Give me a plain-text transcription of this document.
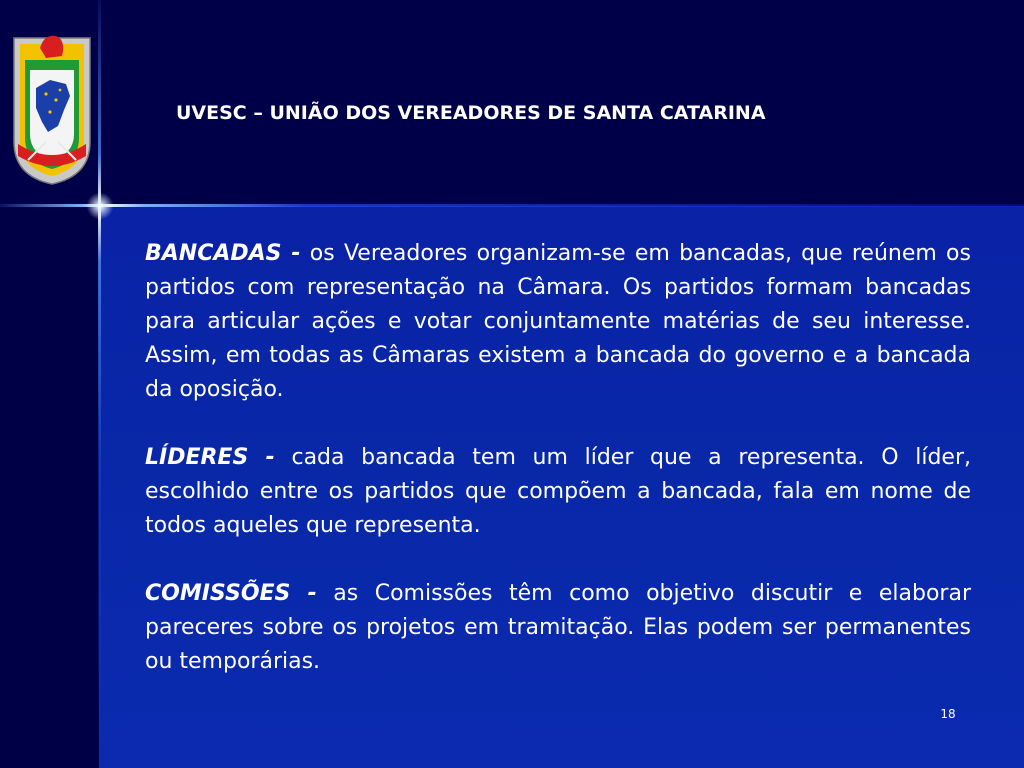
UVESC – UNIÃO DOS VEREADORES DE SANTA CATARINA

BANCADAS - os Vereadores organizam-se em bancadas, que reúnem os partidos com representação na Câmara. Os partidos formam bancadas para articular ações e votar conjuntamente matérias de seu interesse. Assim, em todas as Câmaras existem a bancada do governo e a bancada da oposição.

LÍDERES - cada bancada tem um líder que a representa. O líder, escolhido entre os partidos que compõem a bancada, fala em nome de todos aqueles que representa.

COMISSÕES - as Comissões têm como objetivo discutir e elaborar pareceres sobre os projetos em tramitação. Elas podem ser permanentes ou temporárias.

18
